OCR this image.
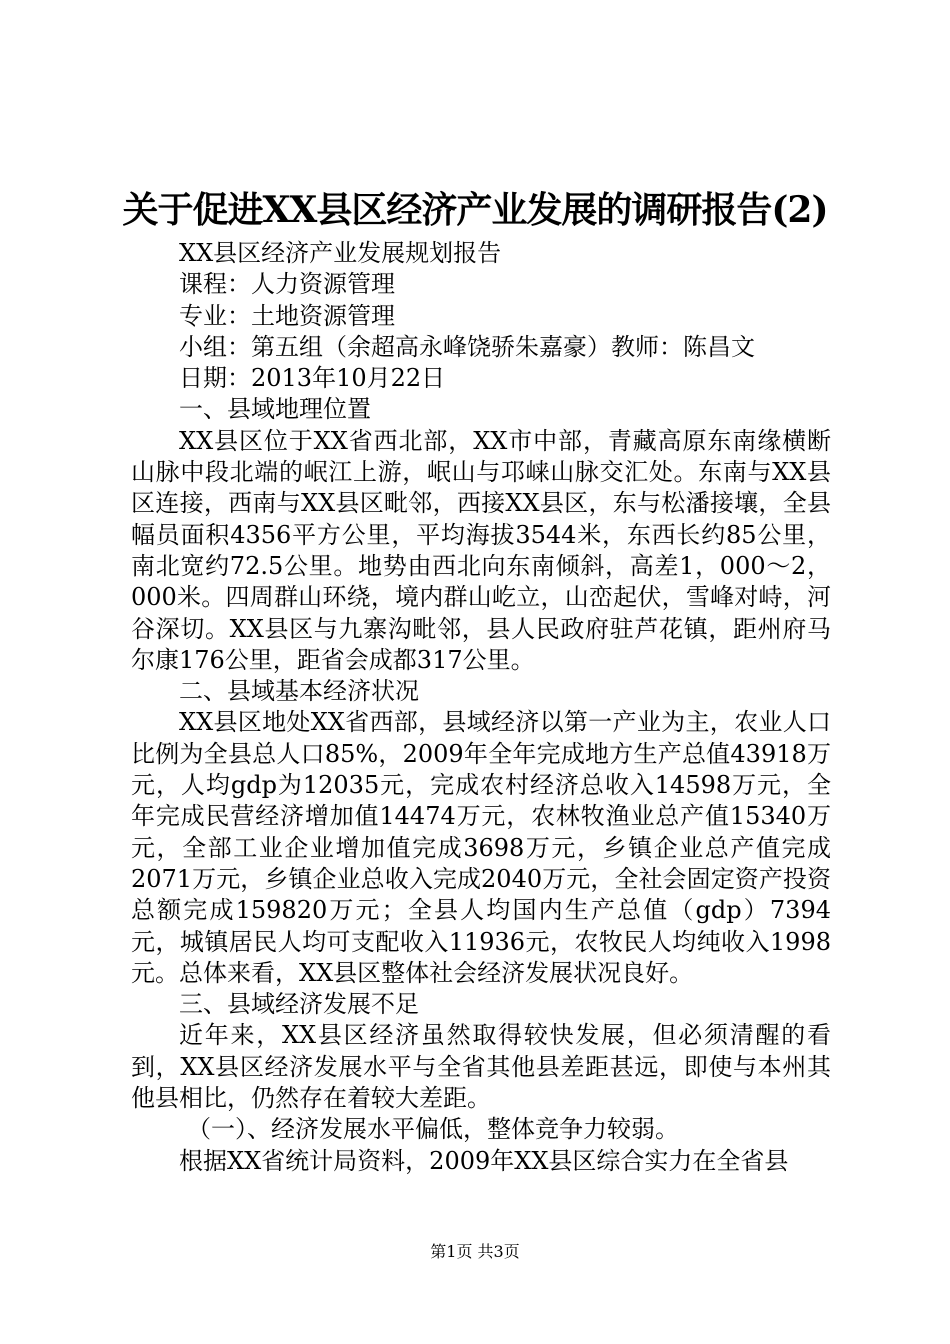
关于促进XX县区经济产业发展的调研报告(2)

XX县区经济产业发展规划报告

课程：人力资源管理

专业：土地资源管理

小组：第五组（余超高永峰饶骄朱嘉豪）教师：陈昌文

日期：2013年10月22日

一、县域地理位置

XX县区位于XX省西北部，XX市中部，青藏高原东南缘横断山脉中段北端的岷江上游，岷山与邛崃山脉交汇处。东南与XX县区连接，西南与XX县区毗邻，西接XX县区，东与松潘接壤，全县幅员面积4356平方公里，平均海拔3544米，东西长约85公里，南北宽约72.5公里。地势由西北向东南倾斜，高差1，000～2，000米。四周群山环绕，境内群山屹立，山峦起伏，雪峰对峙，河谷深切。XX县区与九寨沟毗邻，县人民政府驻芦花镇，距州府马尔康176公里，距省会成都317公里。

二、县域基本经济状况

XX县区地处XX省西部，县域经济以第一产业为主，农业人口比例为全县总人口85%，2009年全年完成地方生产总值43918万元，人均gdp为12035元，完成农村经济总收入14598万元，全年完成民营经济增加值14474万元，农林牧渔业总产值15340万元，全部工业企业增加值完成3698万元，乡镇企业总产值完成2071万元，乡镇企业总收入完成2040万元，全社会固定资产投资总额完成159820万元；全县人均国内生产总值（gdp）7394元，城镇居民人均可支配收入11936元，农牧民人均纯收入1998元。总体来看，XX县区整体社会经济发展状况良好。

三、县域经济发展不足

近年来，XX县区经济虽然取得较快发展，但必须清醒的看到，XX县区经济发展水平与全省其他县差距甚远，即使与本州其他县相比，仍然存在着较大差距。

（一）、经济发展水平偏低，整体竞争力较弱。

根据XX省统计局资料，2009年XX县区综合实力在全省县

第1页 共3页
